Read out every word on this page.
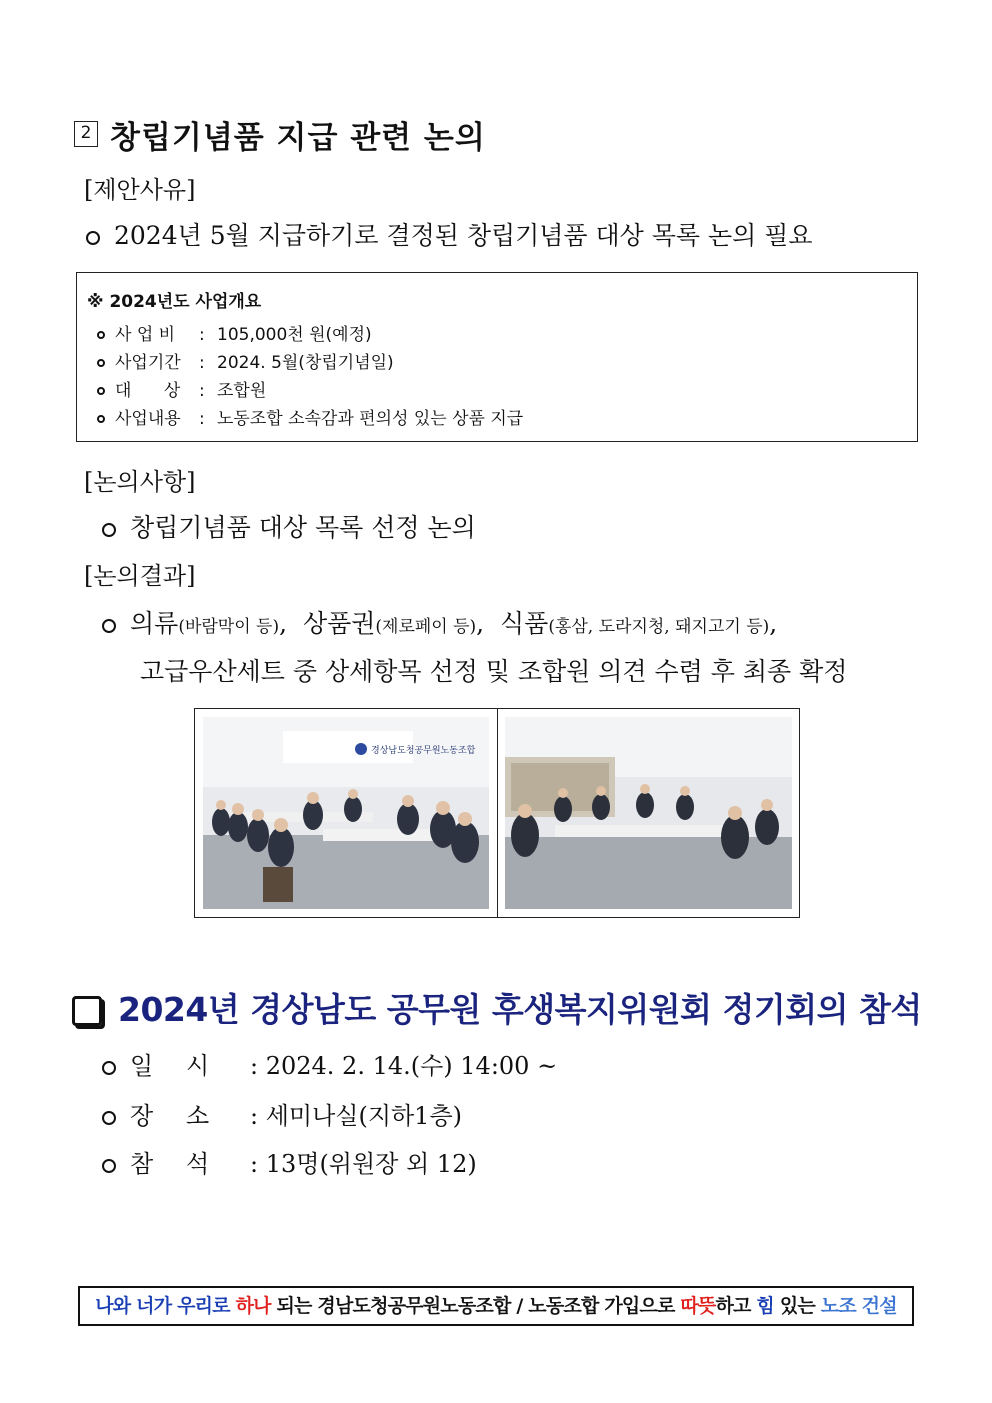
2 창립기념품 지급 관련 논의
[제안사유]
2024년 5월 지급하기로 결정된 창립기념품 대상 목록 논의 필요
※ 2024년도 사업개요
사 업 비 : 105,000천 원(예정)
사업기간 : 2024. 5월(창립기념일)
대      상 : 조합원
사업내용 : 노동조합 소속감과 편의성 있는 상품 지급
[논의사항]
창립기념품 대상 목록 선정 논의
[논의결과]
의류(바람막이 등),  상품권(제로페이 등),  식품(홍삼, 도라지청, 돼지고기 등),
고급우산세트 중 상세항목 선정 및 조합원 의견 수렴 후 최종 확정
경상남도청공무원노동조합
2024년 경상남도 공무원 후생복지위원회 정기회의 참석
일 시 : 2024. 2. 14.(수) 14:00 ~
장 소 : 세미나실(지하1층)
참 석 : 13명(위원장 외 12)
나와 너가 우리로 하나 되는 경남도청공무원노동조합 / 노동조합 가입으로 따뜻하고 힘 있는 노조 건설
